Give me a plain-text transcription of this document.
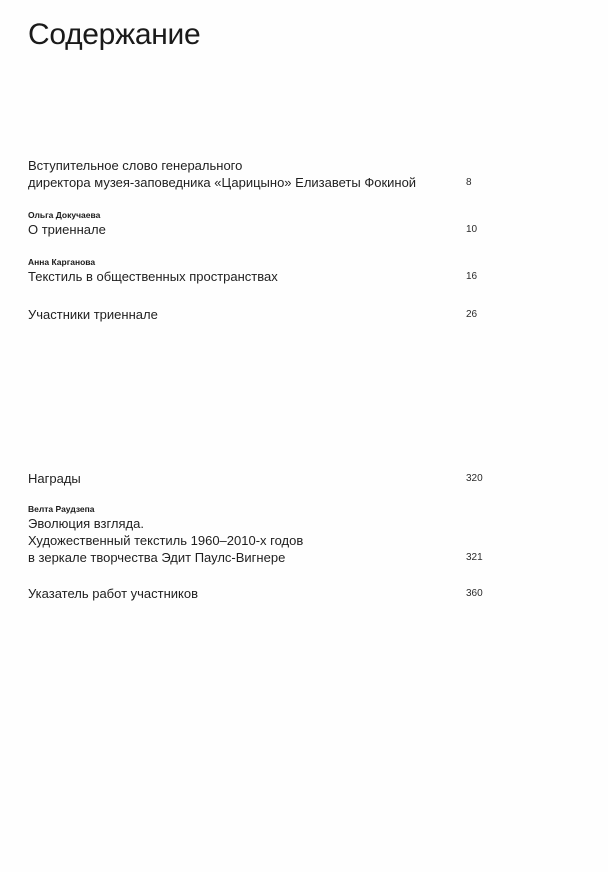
Содержание
Вступительное слово генерального
директора музея-заповедника «Царицыно» Елизаветы Фокиной	8
Ольга Докучаева
О триеннале	10
Анна Карганова
Текстиль в общественных пространствах	16
Участники триеннале	26
Награды	320
Велта Раудзепа
Эволюция взгляда.
Художественный текстиль 1960–2010-х годов
в зеркале творчества Эдит Паулс-Вигнере	321
Указатель работ участников	360
